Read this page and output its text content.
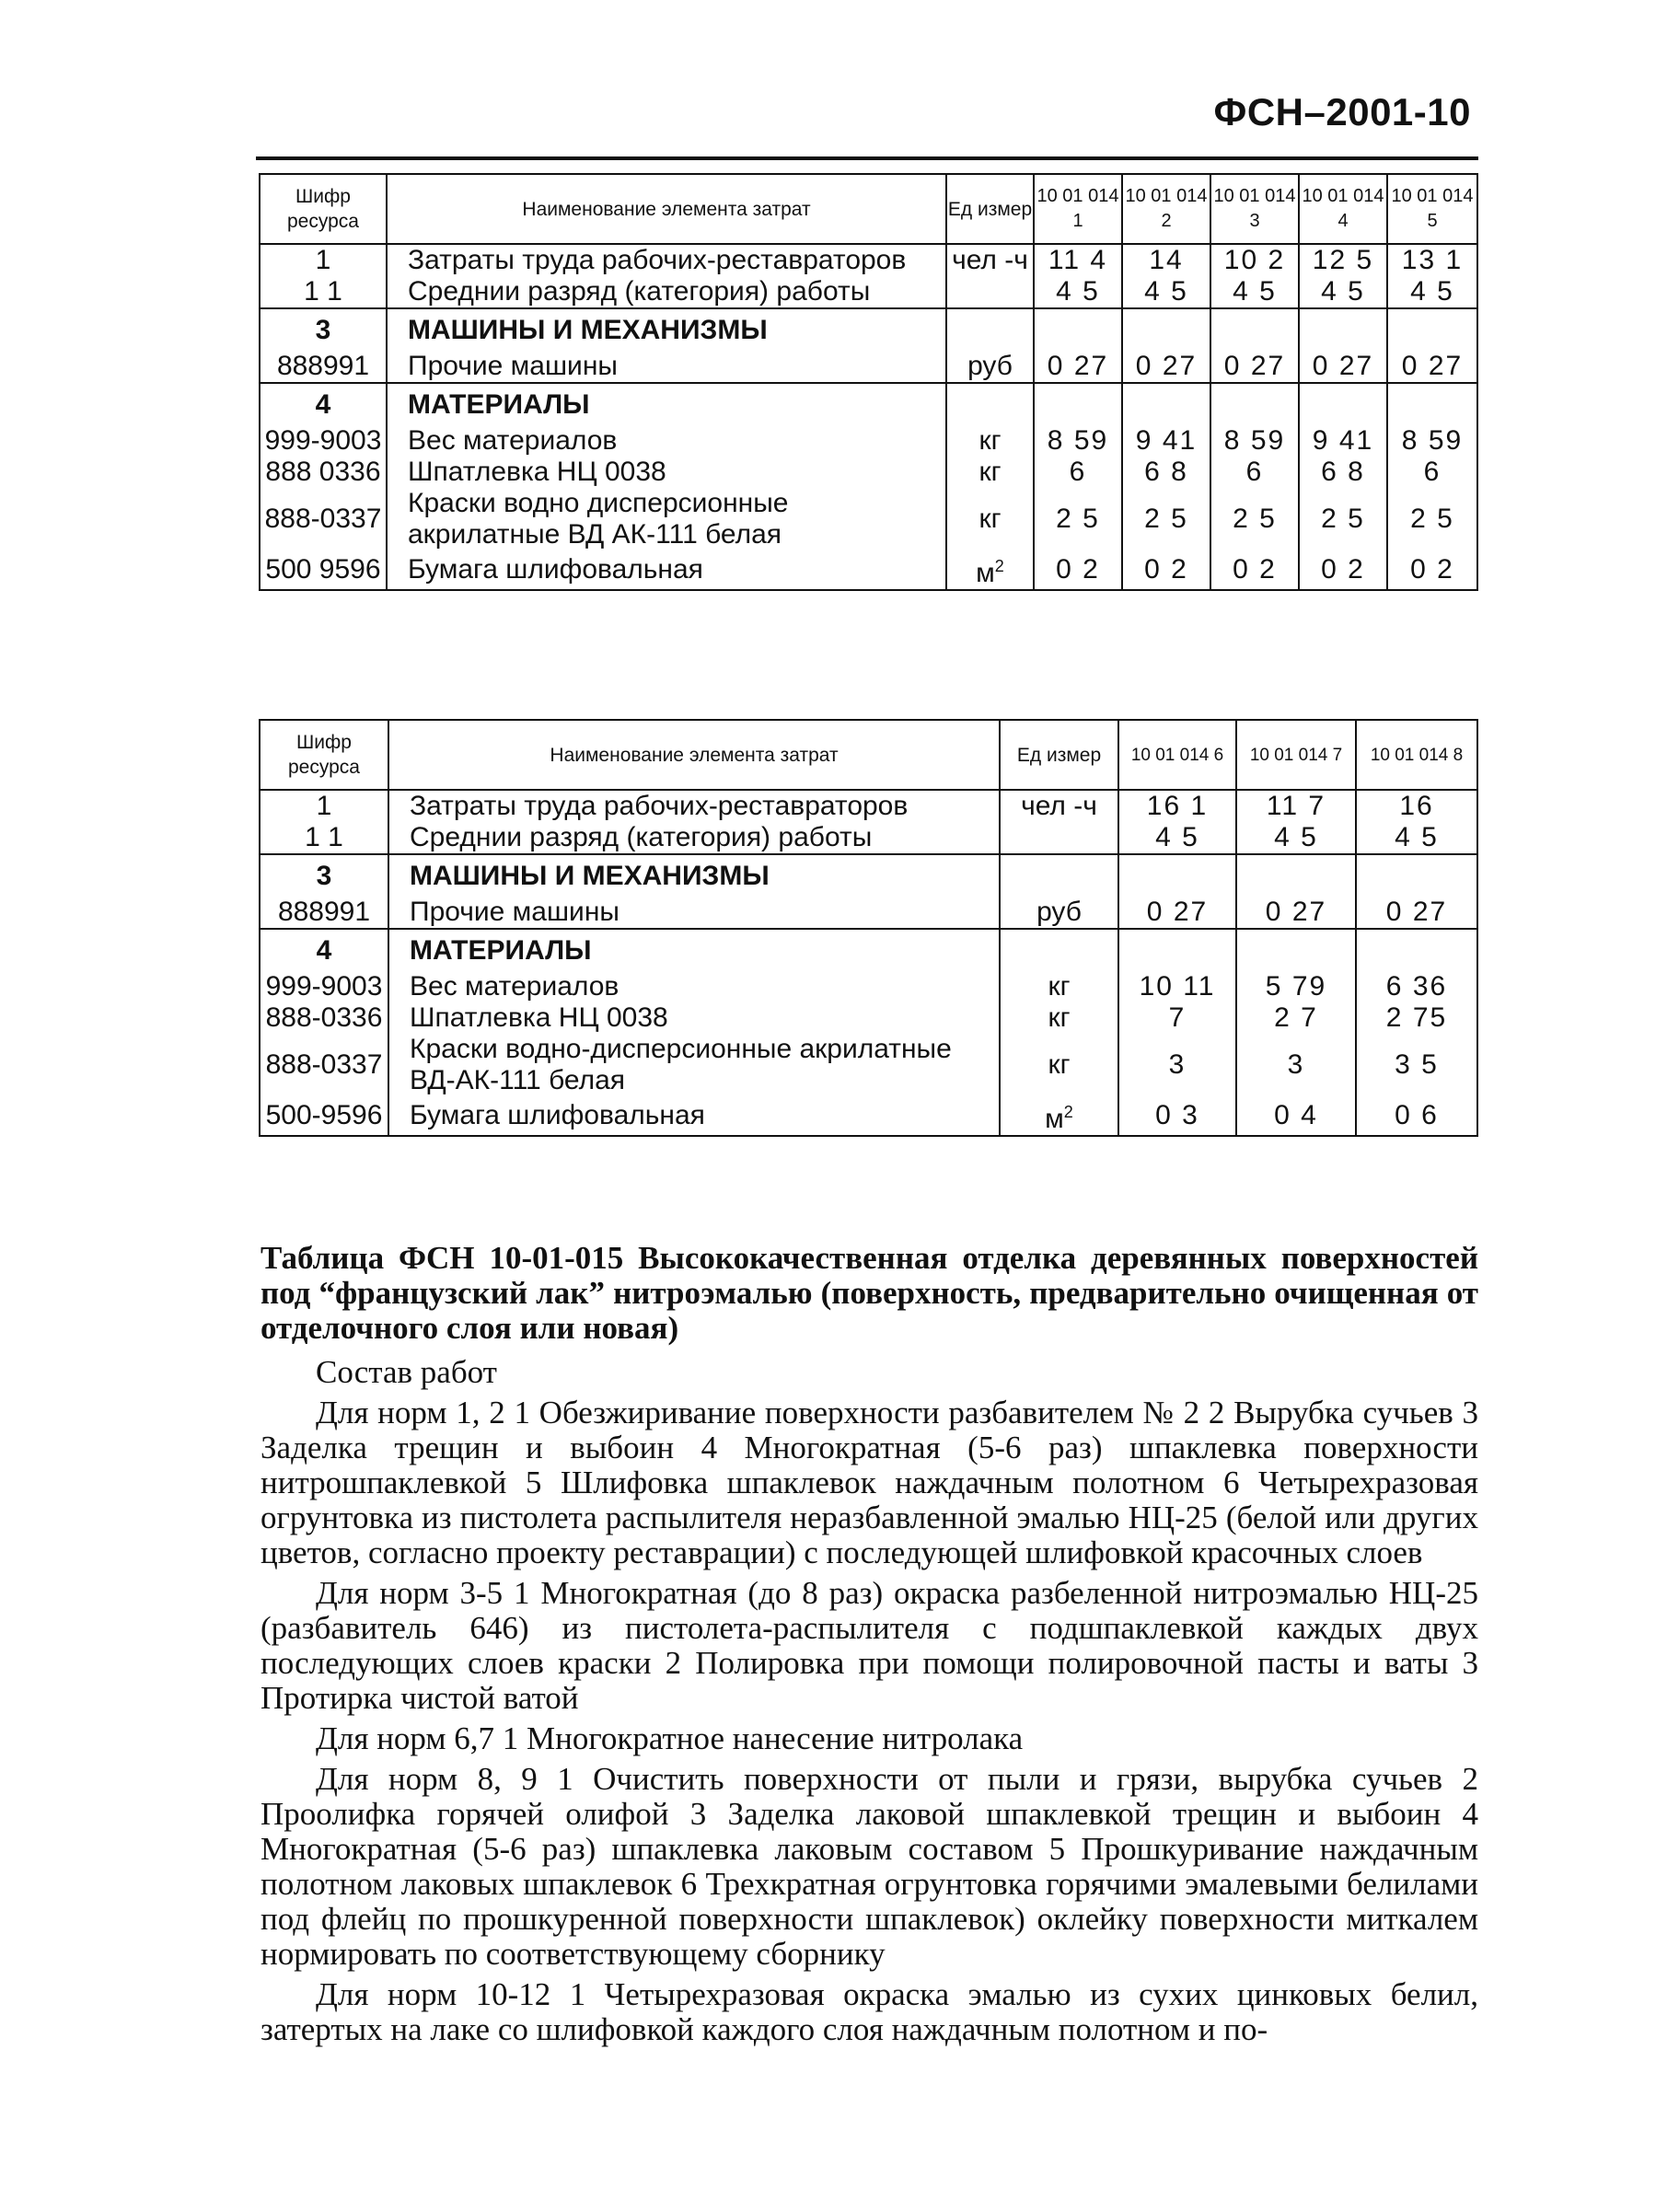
ФСН–2001-10
Шифр ресурса	Наименование элемента затрат	Ед измер	10 01 014 1	10 01 014 2	10 01 014 3	10 01 014 4	10 01 014 5
1	Затраты труда рабочих-реставраторов	чел -ч	11 4	14	10 2	12 5	13 1
1 1	Среднии разряд (категория) работы		4 5	4 5	4 5	4 5	4 5
3	МАШИНЫ И МЕХАНИЗМЫ						
888991	Прочие машины	руб	0 27	0 27	0 27	0 27	0 27
4	МАТЕРИАЛЫ						
999-9003	Вес материалов	кг	8 59	9 41	8 59	9 41	8 59
888 0336	Шпатлевка НЦ 0038	кг	6	6 8	6	6 8	6
888-0337	Краски водно дисперсионные акрилатные ВД АК-111 белая	кг	2 5	2 5	2 5	2 5	2 5
500 9596	Бумага шлифовальная	$м^2$	0 2	0 2	0 2	0 2	0 2
Шифр ресурса	Наименование элемента затрат	Ед измер	10 01 014 6	10 01 014 7	10 01 014 8
1	Затраты труда рабочих-реставраторов	чел -ч	16 1	11 7	16
1 1	Среднии разряд (категория) работы		4 5	4 5	4 5
3	МАШИНЫ И МЕХАНИЗМЫ				
888991	Прочие машины	руб	0 27	0 27	0 27
4	МАТЕРИАЛЫ				
999-9003	Вес материалов	кг	10 11	5 79	6 36
888-0336	Шпатлевка НЦ 0038	кг	7	2 7	2 75
888-0337	Краски водно-дисперсионные акрилатные ВД-АК-111 белая	кг	3	3	3 5
500-9596	Бумага шлифовальная	$м^2$	0 3	0 4	0 6

Таблица ФСН 10-01-015 Высококачественная отделка деревянных поверхностей под “французский лак” нитроэмалью (поверхность, предварительно очищенная от отделочного слоя или новая)

Состав работ

Для норм 1, 2 1 Обезжиривание поверхности разбавителем № 2 2 Вырубка сучьев 3 Заделка трещин и выбоин 4 Многократная (5-6 раз) шпаклевка поверхности нитрошпаклевкой 5 Шлифовка шпаклевок наждачным полотном 6 Четырехразовая огрунтовка из пистолета распылителя неразбавленной эмалью НЦ-25 (белой или других цветов, согласно проекту реставрации) с последующей шлифовкой красочных слоев

Для норм 3-5 1 Многократная (до 8 раз) окраска разбеленной нитроэмалью НЦ-25 (разбавитель 646) из пистолета-распылителя с подшпаклевкой каждых двух последующих слоев краски 2 Полировка при помощи полировочной пасты и ваты 3 Протирка чистой ватой

Для норм 6,7 1 Многократное нанесение нитролака

Для норм 8, 9 1 Очистить поверхности от пыли и грязи, вырубка сучьев 2 Проолифка горячей олифой 3 Заделка лаковой шпаклевкой трещин и выбоин 4 Многократная (5-6 раз) шпаклевка лаковым составом 5 Прошкуривание наждачным полотном лаковых шпаклевок 6 Трехкратная огрунтовка горячими эмалевыми белилами под флейц по прошкуренной поверхности шпаклевок) оклейку поверхности миткалем нормировать по соответствующему сборнику

Для норм 10-12 1 Четырехразовая окраска эмалью из сухих цинковых белил, затертых на лаке со шлифовкой каждого слоя наждачным полотном и по-
